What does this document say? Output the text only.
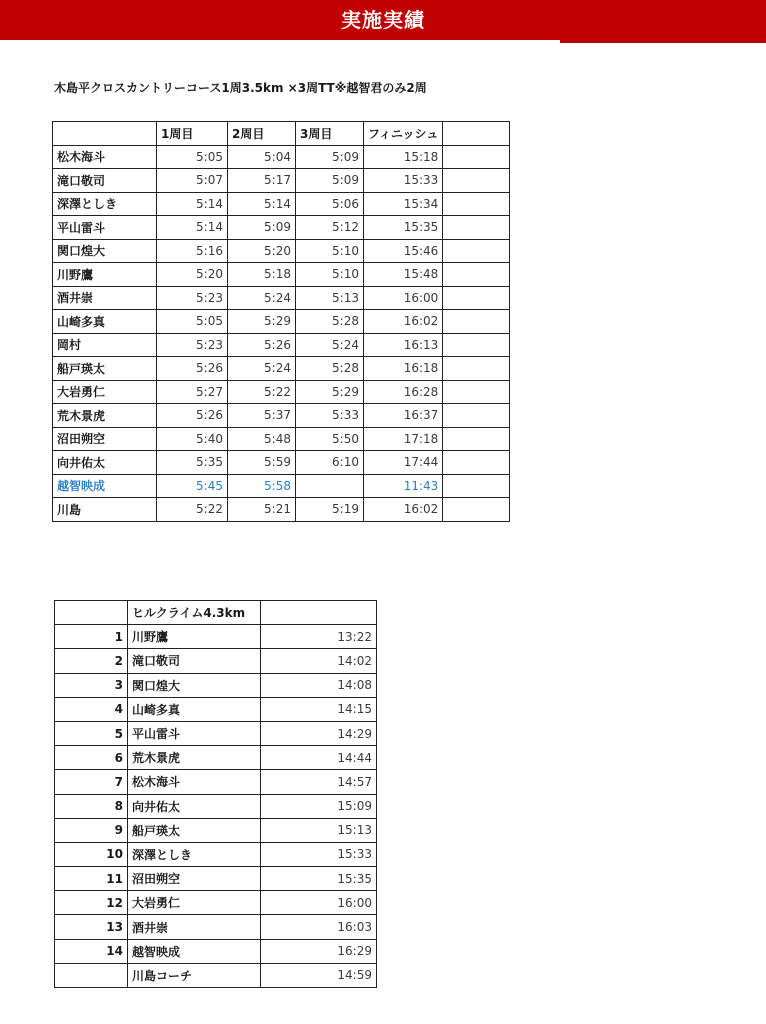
実施実績
木島平クロスカントリーコース1周3.5km ×3周TT※越智君のみ2周
	1周目	2周目	3周目	フィニッシュ	
松木海斗	5:05	5:04	5:09	15:18	
滝口敬司	5:07	5:17	5:09	15:33	
深澤としき	5:14	5:14	5:06	15:34	
平山雷斗	5:14	5:09	5:12	15:35	
関口煌大	5:16	5:20	5:10	15:46	
川野鷹	5:20	5:18	5:10	15:48	
酒井崇	5:23	5:24	5:13	16:00	
山崎多真	5:05	5:29	5:28	16:02	
岡村	5:23	5:26	5:24	16:13	
船戸瑛太	5:26	5:24	5:28	16:18	
大岩勇仁	5:27	5:22	5:29	16:28	
荒木景虎	5:26	5:37	5:33	16:37	
沼田朔空	5:40	5:48	5:50	17:18	
向井佑太	5:35	5:59	6:10	17:44	
越智映成	5:45	5:58		11:43	
川島	5:22	5:21	5:19	16:02	
	ヒルクライム4.3km	
1	川野鷹	13:22
2	滝口敬司	14:02
3	関口煌大	14:08
4	山崎多真	14:15
5	平山雷斗	14:29
6	荒木景虎	14:44
7	松木海斗	14:57
8	向井佑太	15:09
9	船戸瑛太	15:13
10	深澤としき	15:33
11	沼田朔空	15:35
12	大岩勇仁	16:00
13	酒井崇	16:03
14	越智映成	16:29
	川島コーチ	14:59
